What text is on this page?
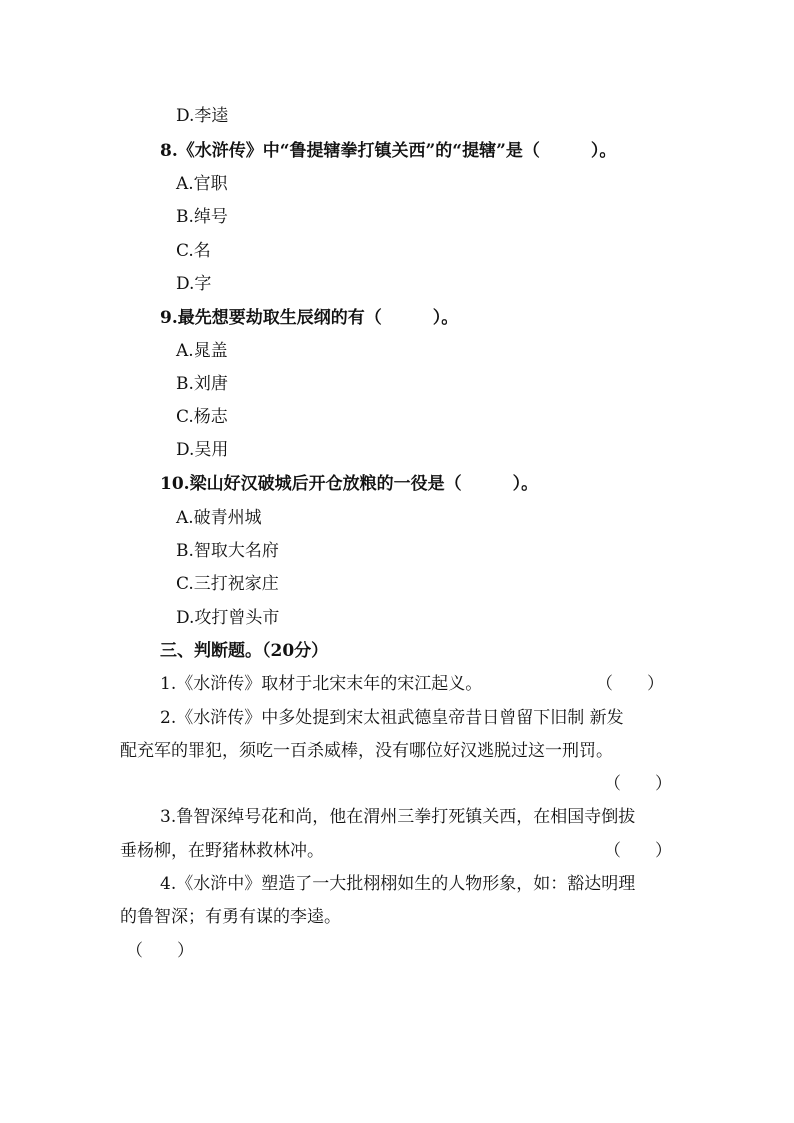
D.李逵
8.《水浒传》中“鲁提辖拳打镇关西”的“提辖”是（　　　）。
A.官职
B.绰号
C.名
D.字
9.最先想要劫取生辰纲的有（　　　）。
A.晁盖
B.刘唐
C.杨志
D.吴用
10.梁山好汉破城后开仓放粮的一役是（　　　）。
A.破青州城
B.智取大名府
C.三打祝家庄
D.攻打曾头市
三、判断题。（20分）
1.《水浒传》取材于北宋末年的宋江起义。	（　　）
2.《水浒传》中多处提到宋太祖武德皇帝昔日曾留下旧制 新发
配充军的罪犯，须吃一百杀威棒，没有哪位好汉逃脱过这一刑罚。
（　　）
3.鲁智深绰号花和尚，他在渭州三拳打死镇关西，在相国寺倒拔
垂杨柳，在野猪林救林冲。	（　　）
4.《水浒中》塑造了一大批栩栩如生的人物形象，如：豁达明理
的鲁智深；有勇有谋的李逵。
（　　）
